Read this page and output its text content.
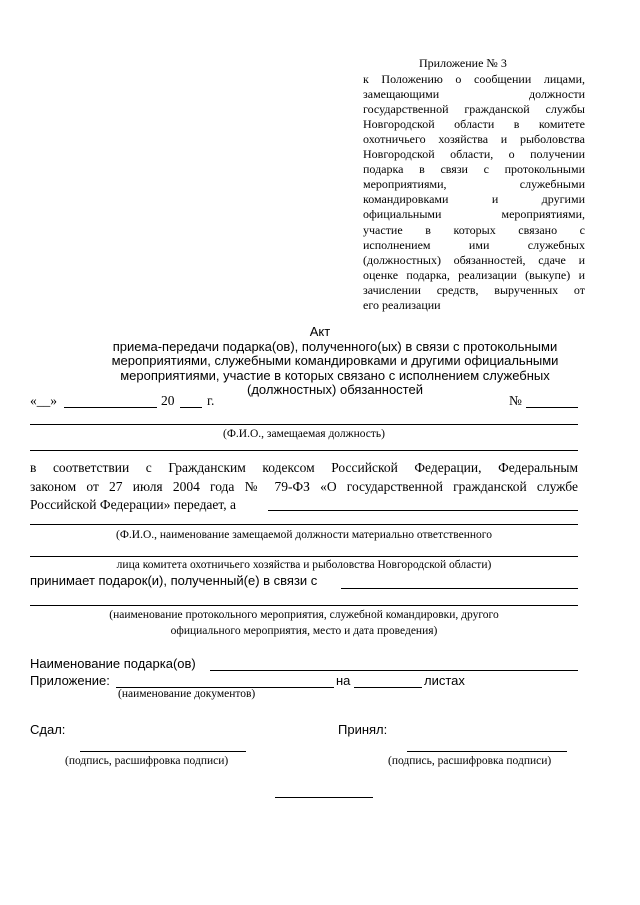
Приложение № 3
к Положению о сообщении лицами,
замещающими должности
государственной гражданской службы
Новгородской области в комитете
охотничьего хозяйства и рыболовства
Новгородской области, о получении
подарка в связи с протокольными
мероприятиями, служебными
командировками и другими
официальными мероприятиями,
участие в которых связано с
исполнением ими служебных
(должностных) обязанностей, сдаче и
оценке подарка, реализации (выкупе) и
зачислении средств, вырученных от
его реализации
Акт
приема-передачи подарка(ов), полученного(ых) в связи с протокольными
мероприятиями, служебными командировками и другими официальными
мероприятиями, участие в которых связано с исполнением служебных
(должностных) обязанностей
«__»	20 г.	№
(Ф.И.О., замещаемая должность)
в соответствии с Гражданским кодексом Российской Федерации, Федеральным
законом от 27 июля 2004 года № 79-ФЗ «О государственной гражданской службе
Российской Федерации» передает, а
(Ф.И.О., наименование замещаемой должности материально ответственного
лица комитета охотничьего хозяйства и рыболовства Новгородской области)
принимает подарок(и), полученный(е) в связи с
(наименование протокольного мероприятия, служебной командировки, другого
официального мероприятия, место и дата проведения)
Наименование подарка(ов)
Приложение:	на	листах
(наименование документов)
Сдал:	Принял:
(подпись, расшифровка подписи)	(подпись, расшифровка подписи)
